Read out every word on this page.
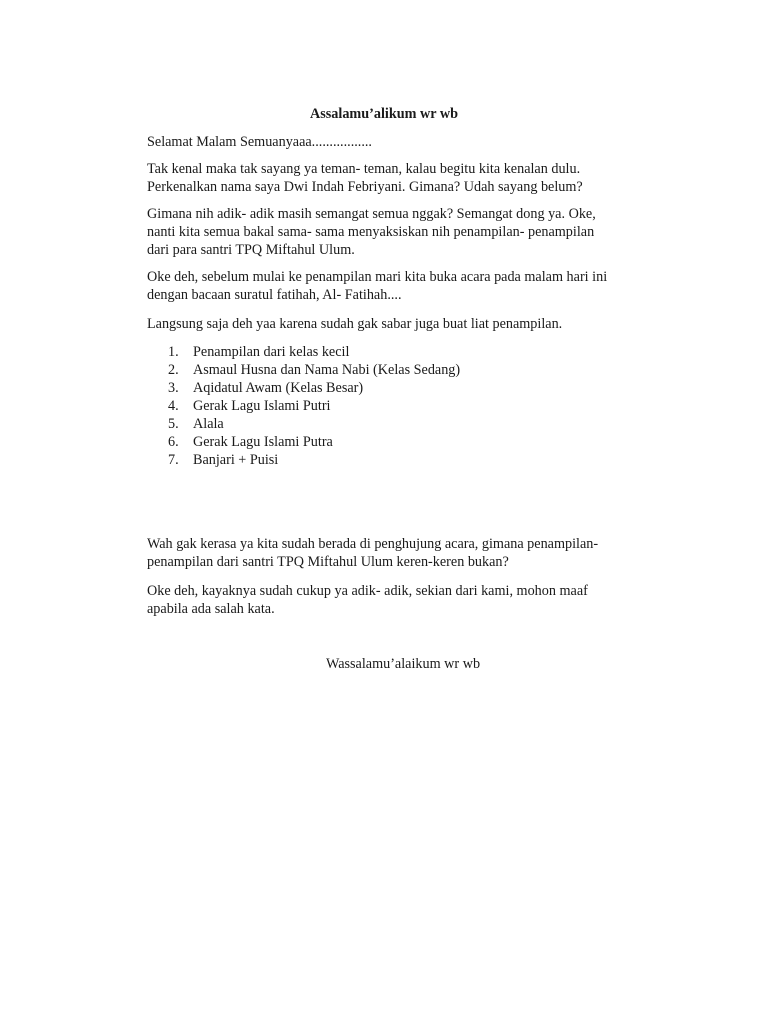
Assalamu’alikum wr wb

Selamat Malam Semuanyaaa.................

Tak kenal maka tak sayang ya teman- teman, kalau begitu kita kenalan dulu.
Perkenalkan nama saya Dwi Indah Febriyani. Gimana? Udah sayang belum?

Gimana nih adik- adik masih semangat semua nggak? Semangat dong ya. Oke,
nanti kita semua bakal sama- sama menyaksiskan nih penampilan- penampilan
dari para santri TPQ Miftahul Ulum.

Oke deh, sebelum mulai ke penampilan mari kita buka acara pada malam hari ini
dengan bacaan suratul fatihah, Al- Fatihah....

Langsung saja deh yaa karena sudah gak sabar juga buat liat penampilan.

1.	Penampilan dari kelas kecil
2.	Asmaul Husna dan Nama Nabi (Kelas Sedang)
3.	Aqidatul Awam (Kelas Besar)
4.	Gerak Lagu Islami Putri
5.	Alala
6.	Gerak Lagu Islami Putra
7.	Banjari + Puisi

Wah gak kerasa ya kita sudah berada di penghujung acara, gimana penampilan-
penampilan dari santri TPQ Miftahul Ulum keren-keren bukan?

Oke deh, kayaknya sudah cukup ya adik- adik, sekian dari kami, mohon maaf
apabila ada salah kata.

Wassalamu’alaikum wr wb
